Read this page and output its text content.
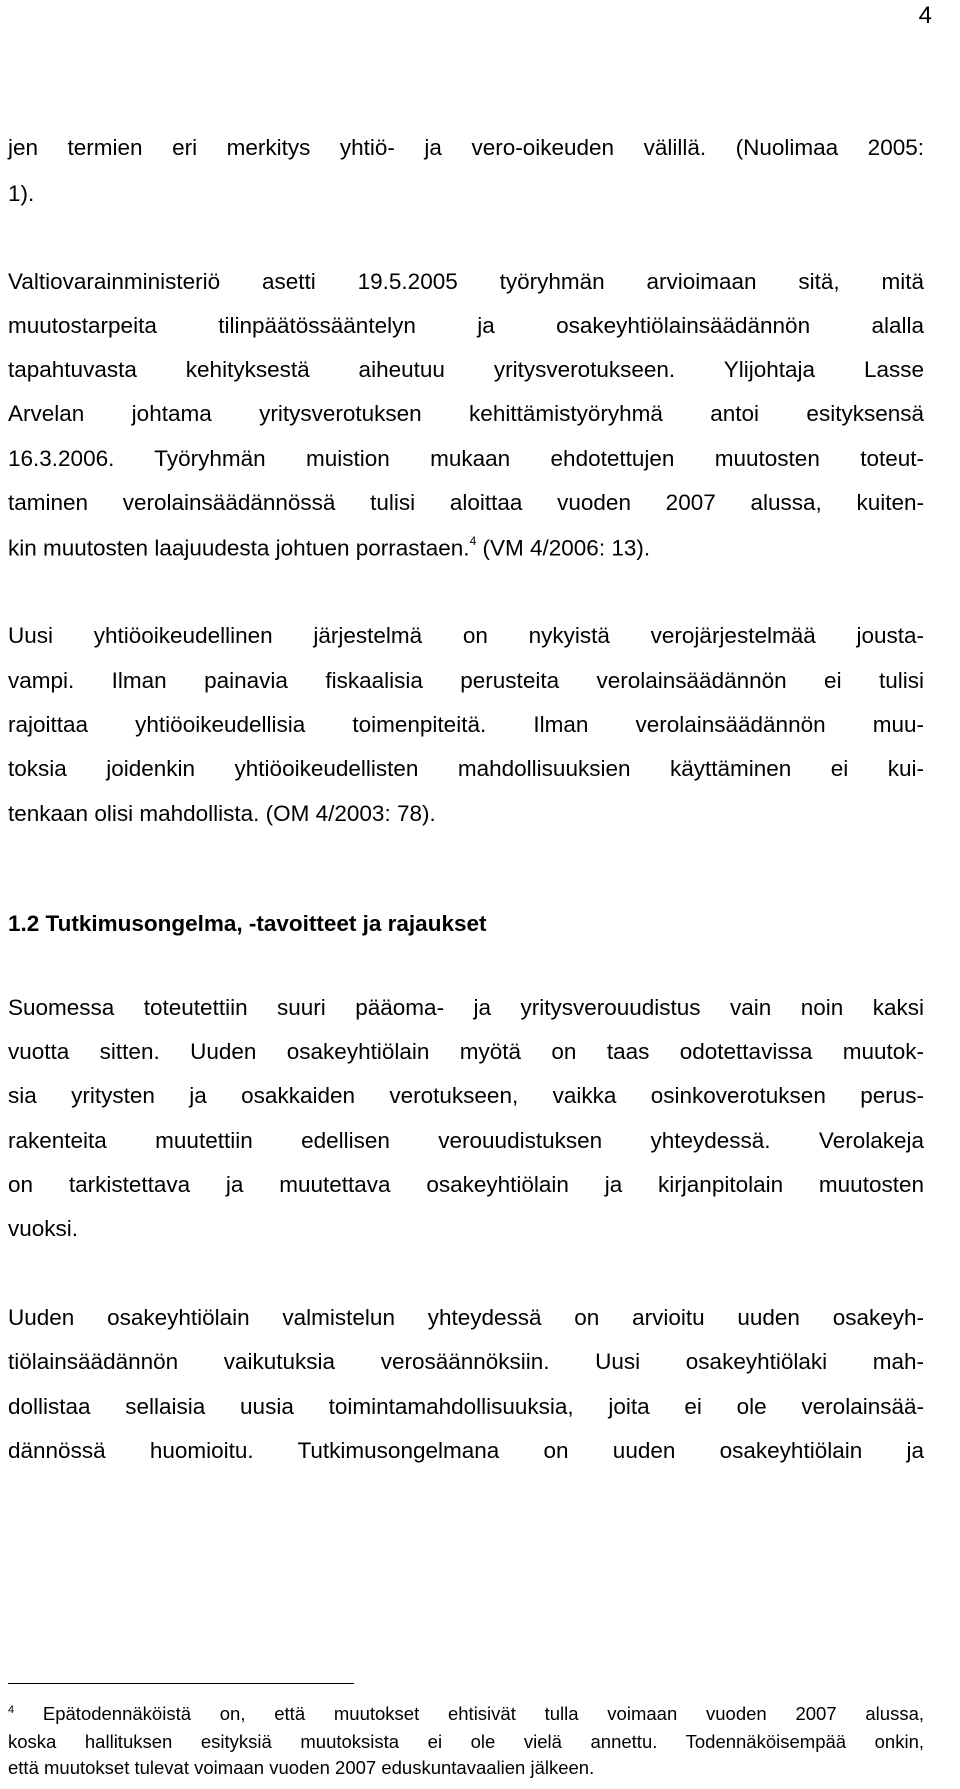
4
jen termien eri merkitys yhtiö- ja vero-oikeuden välillä. (Nuolimaa 2005:
1).
Valtiovarainministeriö asetti 19.5.2005 työryhmän arvioimaan sitä, mitä
muutostarpeita tilinpäätössääntelyn ja osakeyhtiölainsäädännön alalla
tapahtuvasta kehityksestä aiheutuu yritysverotukseen. Ylijohtaja Lasse
Arvelan johtama yritysverotuksen kehittämistyöryhmä antoi esityksensä
16.3.2006. Työryhmän muistion mukaan ehdotettujen muutosten toteut-
taminen verolainsäädännössä tulisi aloittaa vuoden 2007 alussa, kuiten-
kin muutosten laajuudesta johtuen porrastaen.$^4$ (VM 4/2006: 13).
Uusi yhtiöoikeudellinen järjestelmä on nykyistä verojärjestelmää jousta-
vampi. Ilman painavia fiskaalisia perusteita verolainsäädännön ei tulisi
rajoittaa yhtiöoikeudellisia toimenpiteitä. Ilman verolainsäädännön muu-
toksia joidenkin yhtiöoikeudellisten mahdollisuuksien käyttäminen ei kui-
tenkaan olisi mahdollista. (OM 4/2003: 78).
1.2 Tutkimusongelma, -tavoitteet ja rajaukset
Suomessa toteutettiin suuri pääoma- ja yritysverouudistus vain noin kaksi
vuotta sitten. Uuden osakeyhtiölain myötä on taas odotettavissa muutok-
sia yritysten ja osakkaiden verotukseen, vaikka osinkoverotuksen perus-
rakenteita muutettiin edellisen verouudistuksen yhteydessä. Verolakeja
on tarkistettava ja muutettava osakeyhtiölain ja kirjanpitolain muutosten
vuoksi.
Uuden osakeyhtiölain valmistelun yhteydessä on arvioitu uuden osakeyh-
tiölainsäädännön vaikutuksia verosäännöksiin. Uusi osakeyhtiölaki mah-
dollistaa sellaisia uusia toimintamahdollisuuksia, joita ei ole verolainsää-
dännössä huomioitu. Tutkimusongelmana on uuden osakeyhtiölain ja
$^4$ Epätodennäköistä on, että muutokset ehtisivät tulla voimaan vuoden 2007 alussa,
koska hallituksen esityksiä muutoksista ei ole vielä annettu. Todennäköisempää onkin,
että muutokset tulevat voimaan vuoden 2007 eduskuntavaalien jälkeen.
